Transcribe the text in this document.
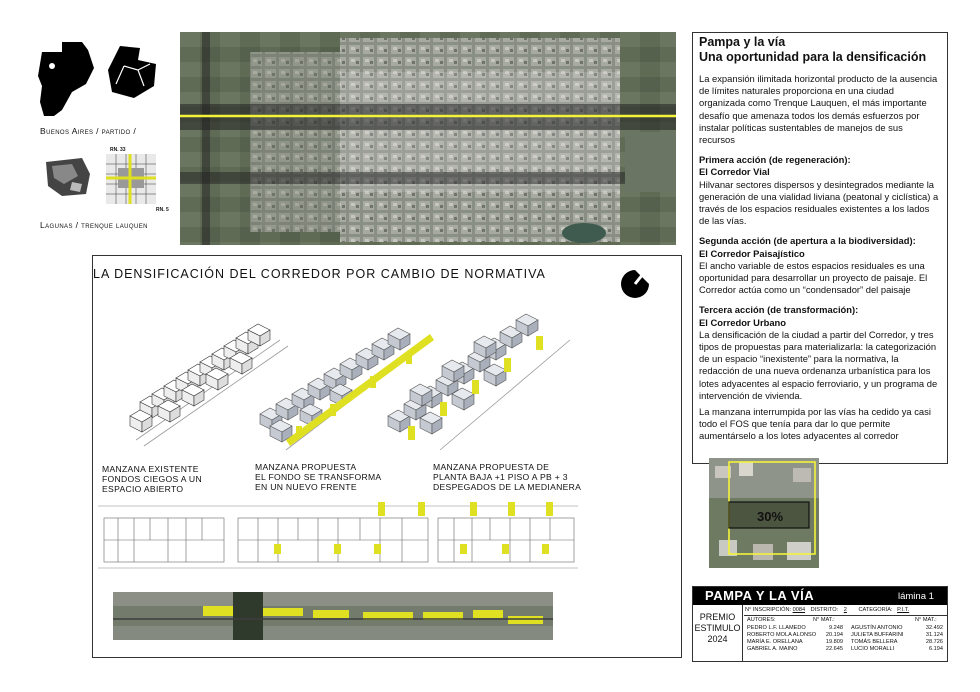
Buenos Aires / partido /
RN. 33
RN. 5
Lagunas / trenque lauquen
Pampa y la vía
Una oportunidad para la densificación

La expansión ilimitada horizontal producto de la ausencia de límites naturales proporciona en una ciudad organizada como Trenque Lauquen, el más importante desafío que amenaza todos los demás esfuerzos por instalar políticas sustentables de manejos de sus recursos

Primera acción (de regeneración):

El Corredor Vial

Hilvanar sectores dispersos y desintegrados mediante la generación de una vialidad liviana (peatonal y ciclística) a través de los espacios residuales existentes a los lados de las vías.

Segunda acción (de apertura a la biodiversidad):

El Corredor Paisajístico

El ancho variable de estos espacios residuales es una oportunidad para desarrollar un proyecto de paisaje. El Corredor actúa como un “condensador” del paisaje

Tercera acción (de transformación):

El Corredor Urbano

La densificación de la ciudad a partir del Corredor, y tres tipos de propuestas para materializarla: la categorización de un espacio “inexistente” para la normativa, la redacción de una nueva ordenanza urbanística para los lotes adyacentes al espacio ferroviario, y un programa de intervención de vivienda.

La manzana interrumpida por las vías ha cedido ya casi todo el FOS que tenía para dar lo que permite aumentárselo a los lotes adyacentes al corredor

30%
LA DENSIFICACIÓN DEL CORREDOR POR CAMBIO DE NORMATIVA
MANZANA EXISTENTE
FONDOS CIEGOS A UN
ESPACIO ABIERTO
MANZANA PROPUESTA
EL FONDO SE TRANSFORMA
EN UN NUEVO FRENTE
MANZANA PROPUESTA DE
PLANTA BAJA +1 PISO A PB + 3
DESPEGADOS DE LA MEDIANERA
PAMPA Y LA VÍA	lámina 1
PREMIO
ESTIMULO
2024
N° INSCRIPCIÓN: 0084 DISTRITO: 2 CATEGORÍA: P.I.T.
AUTORES:	N° MAT.:	N° MAT.:
PEDRO L.F. LLAMEDO	9.248
ROBERTO MOLA ALONSO 20.194
MARÍA E. ORELLANA	19.809
GABRIEL A. MAINO	22.645
AGUSTÍN ANTONIO	32.492
JULIETA BUFFARINI	31.124
TOMÁS BELLERA	28.726
LUCIO MORALLI	6.194
